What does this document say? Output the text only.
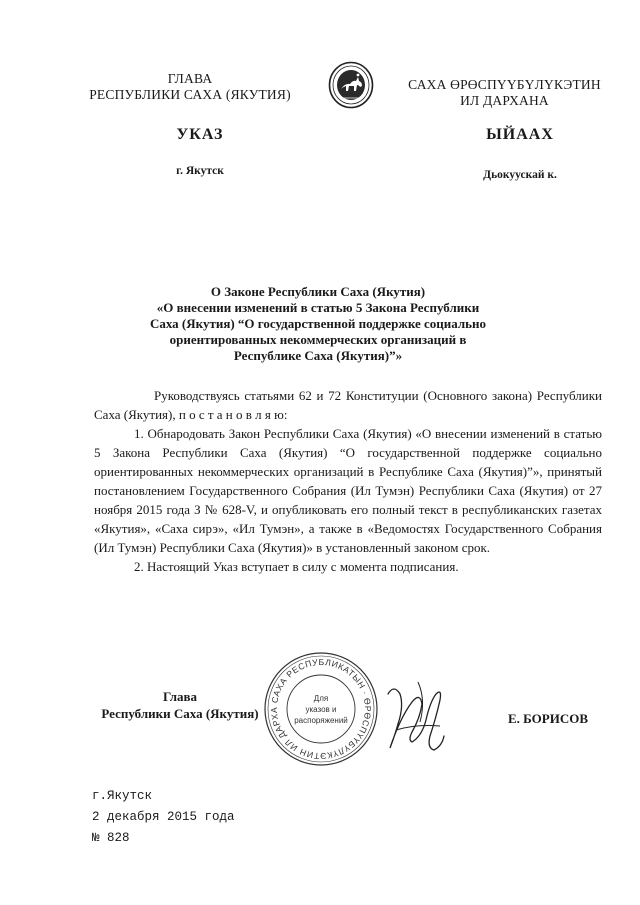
ГЛАВА
РЕСПУБЛИКИ САХА (ЯКУТИЯ)
САХА ӨРӨСПҮҮБҮЛҮКЭТИН
ИЛ ДАРХАНА
УКАЗ	ЫЙААХ
г. Якутск	Дьокуускай к.
О Законе Республики Саха (Якутия)
«О внесении изменений в статью 5 Закона Республики
Саха (Якутия) “О государственной поддержке социально
ориентированных некоммерческих организаций в
Республике Саха (Якутия)”»

Руководствуясь статьями 62 и 72 Конституции (Основного закона) Республики Саха (Якутия), п о с т а н о в л я ю:

1. Обнародовать Закон Республики Саха (Якутия) «О внесении изменений в статью 5 Закона Республики Саха (Якутия) “О государственной поддержке социально ориентированных некоммерческих организаций в Республике Саха (Якутия)”», принятый постановлением Государственного Собрания (Ил Тумэн) Республики Саха (Якутия) от 27 ноября 2015 года З № 628-V, и опубликовать его полный текст в республиканских газетах «Якутия», «Саха сирэ», «Ил Тумэн», а также в «Ведомостях Государственного Собрания (Ил Тумэн) Республики Саха (Якутия)» в установленный законом срок.

2. Настоящий Указ вступает в силу с момента подписания.

Глава
Республики Саха (Якутия)
САХА РЕСПУБЛИКАТЫН · ӨРӨСПҮҮБҮЛҮКЭТИН ИЛ ДАРХА
Для
указов и
распоряжений	Е. БОРИСОВ
г.Якутск
2 декабря 2015 года
№ 828
